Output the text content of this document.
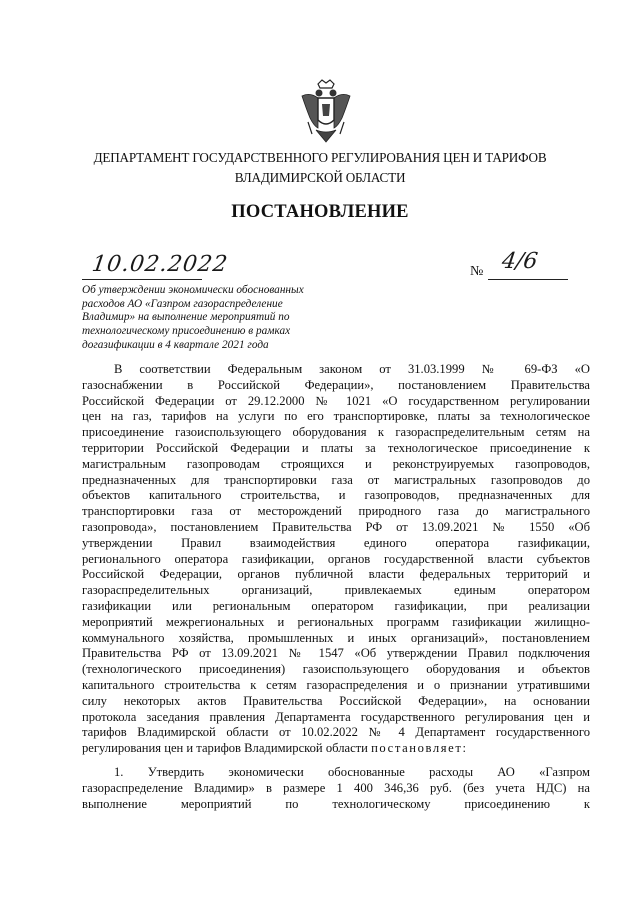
ДЕПАРТАМЕНТ ГОСУДАРСТВЕННОГО РЕГУЛИРОВАНИЯ ЦЕН И ТАРИФОВ
ВЛАДИМИРСКОЙ ОБЛАСТИ
ПОСТАНОВЛЕНИЕ
10.02.2022	№ 4/6
Об утверждении экономически обоснованных
расходов АО «Газпром газораспределение
Владимир» на выполнение мероприятий по
технологическому присоединению в рамках
догазификации в 4 квартале 2021 года
В соответствии Федеральным законом от 31.03.1999 № 69-ФЗ «О
газоснабжении в Российской Федерации», постановлением Правительства
Российской Федерации от 29.12.2000 № 1021 «О государственном регулировании
цен на газ, тарифов на услуги по его транспортировке, платы за технологическое
присоединение газоиспользующего оборудования к газораспределительным сетям на
территории Российской Федерации и платы за технологическое присоединение к
магистральным газопроводам строящихся и реконструируемых газопроводов,
предназначенных для транспортировки газа от магистральных газопроводов до
объектов капитального строительства, и газопроводов, предназначенных для
транспортировки газа от месторождений природного газа до магистрального
газопровода», постановлением Правительства РФ от 13.09.2021 № 1550 «Об
утверждении Правил взаимодействия единого оператора газификации,
регионального оператора газификации, органов государственной власти субъектов
Российской Федерации, органов публичной власти федеральных территорий и
газораспределительных организаций, привлекаемых единым оператором
газификации или региональным оператором газификации, при реализации
мероприятий межрегиональных и региональных программ газификации жилищно-
коммунального хозяйства, промышленных и иных организаций», постановлением
Правительства РФ от 13.09.2021 № 1547 «Об утверждении Правил подключения
(технологического присоединения) газоиспользующего оборудования и объектов
капитального строительства к сетям газораспределения и о признании утратившими
силу некоторых актов Правительства Российской Федерации», на основании
протокола заседания правления Департамента государственного регулирования цен и
тарифов Владимирской области от 10.02.2022 № 4 Департамент государственного
регулирования цен и тарифов Владимирской области постановляет:
1. Утвердить экономически обоснованные расходы АО «Газпром
газораспределение Владимир» в размере 1 400 346,36 руб. (без учета НДС) на
выполнение мероприятий по технологическому присоединению к
